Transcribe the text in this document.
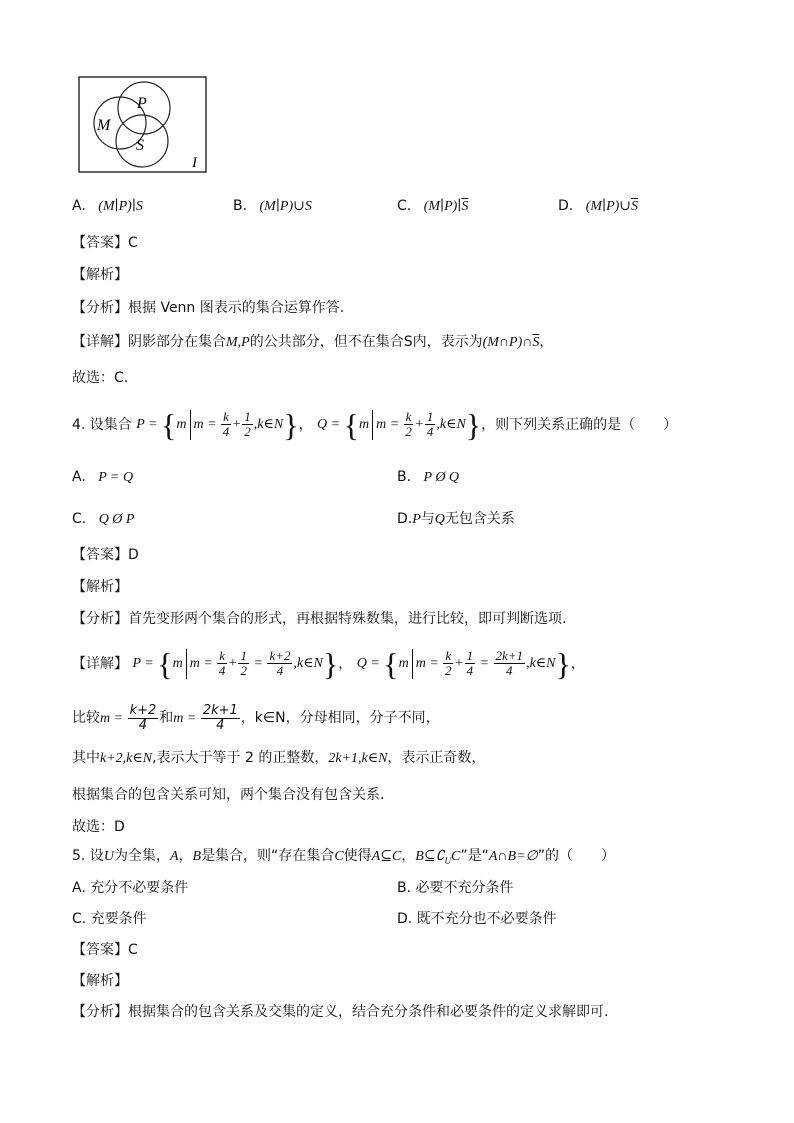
P
M
S
I
A. (M∣P)∣S	B. (M∣P)∪S	C. $(M∣P)∣\overline{S}$	D. $(M∣P)\cup\overline{S}$
【答案】C
【解析】
【分析】根据 Venn 图表示的集合运算作答.
【详解】阴影部分在集合M,P的公共部分，但不在集合S内，表示为$(M\cap P)\cap\overline{S}$，
故选：C.
4. 设集合 P = {m $m = \frac{k}{4} + \frac{1}{2}$ ,k∈N}， Q = {m $m = \frac{k}{2} + \frac{1}{4}$ ,k∈N}，则下列关系正确的是（　　）
A. P = Q	B. P Ø Q
C. Q Ø P	D.P与Q无包含关系
【答案】D
【解析】
【分析】首先变形两个集合的形式，再根据特殊数集，进行比较，即可判断选项.
【详解】 P = {m $m = \frac{k}{4} + \frac{1}{2} = \frac{k+2}{4}$ ,k∈N}， Q = {m $m = \frac{k}{2} + \frac{1}{4} = \frac{2k+1}{4}$ ,k∈N}，
比较$m = \frac{k+2}{4}$ 和$m = \frac{2k+1}{4}$ ，k∈N，分母相同，分子不同，
其中k+2,k∈N,表示大于等于 2 的正整数，2k+1,k∈N，表示正奇数，
根据集合的包含关系可知，两个集合没有包含关系.
故选：D
5. 设U为全集，A，B是集合，则“存在集合C使得A⊆C，$B⊆∁_UC$”是“A∩B=∅”的（　　）
A. 充分不必要条件	B. 必要不充分条件
C. 充要条件	D. 既不充分也不必要条件
【答案】C
【解析】
【分析】根据集合的包含关系及交集的定义，结合充分条件和必要条件的定义求解即可.
